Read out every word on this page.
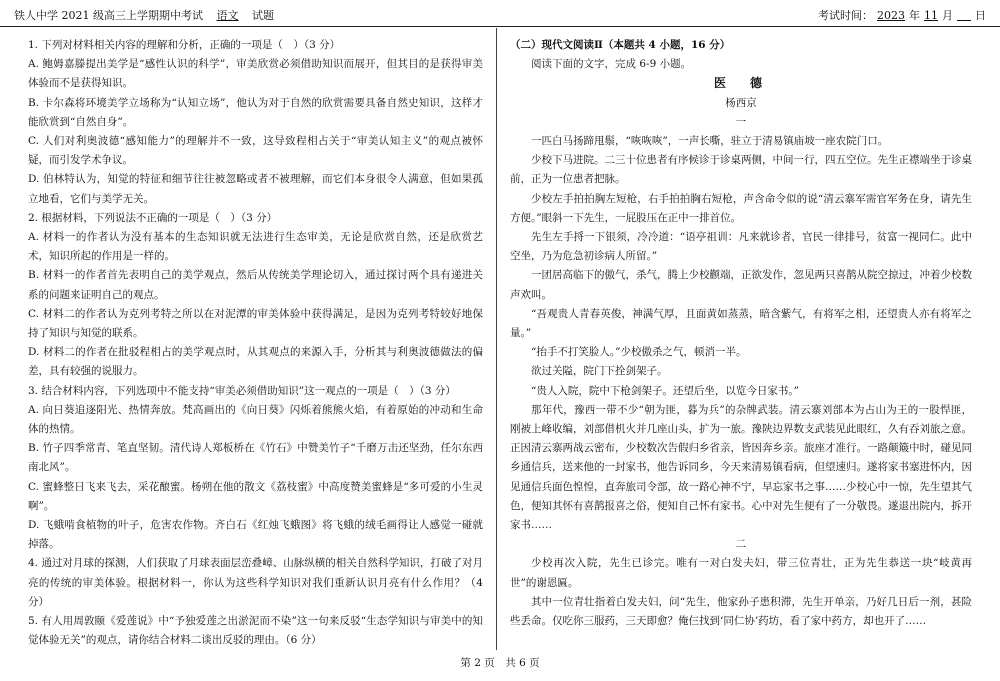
铁人中学 2021 级高三上学期期中考试 语文 试题	考试时间： 2023 年 11 月 日

1. 下列对材料相关内容的理解和分析，正确的一项是（　）（3 分）

A. 鲍姆嘉滕提出美学是“感性认识的科学”，审美欣赏必须借助知识而展开，但其目的是获得审美体验而不是获得知识。

B. 卡尔森将环境美学立场称为“认知立场”，他认为对于自然的欣赏需要具备自然史知识，这样才能欣赏到“自然自身”。

C. 人们对利奥波德“感知能力”的理解并不一致，这导致程相占关于“审美认知主义”的观点被怀疑，而引发学术争议。

D. 伯林特认为，知觉的特征和细节往往被忽略或者不被理解，而它们本身很令人满意，但如果孤立地看，它们与美学无关。

2. 根据材料，下列说法不正确的一项是（　）（3 分）

A. 材料一的作者认为没有基本的生态知识就无法进行生态审美，无论是欣赏自然，还是欣赏艺术，知识所起的作用是一样的。

B. 材料一的作者首先表明自己的美学观点，然后从传统美学理论切入，通过探讨两个具有递进关系的问题来证明自己的观点。

C. 材料二的作者认为克列考特之所以在对泥潭的审美体验中获得满足，是因为克列考特较好地保持了知识与知觉的联系。

D. 材料二的作者在批驳程相占的美学观点时，从其观点的来源入手，分析其与利奥波德做法的偏差，具有较强的说服力。

3. 结合材料内容，下列选项中不能支持“审美必须借助知识”这一观点的一项是（　）（3 分）

A. 向日葵追逐阳光、热情奔放。梵高画出的《向日葵》闪烁着熊熊火焰，有着原始的冲动和生命体的热情。

B. 竹子四季常青、笔直坚韧。清代诗人郑板桥在《竹石》中赞美竹子“千磨万击还坚劲，任尔东西南北风”。

C. 蜜蜂整日飞来飞去，采花酿蜜。杨朔在他的散文《荔枝蜜》中高度赞美蜜蜂是“多可爱的小生灵啊”。

D. 飞蛾啃食植物的叶子，危害农作物。齐白石《红烛飞蛾图》将飞蛾的绒毛画得让人感觉一碰就掉落。

4. 通过对月球的探测，人们获取了月球表面层峦叠嶂、山脉纵横的相关自然科学知识，打破了对月亮的传统的审美体验。根据材料一，你认为这些科学知识对我们重新认识月亮有什么作用？（4 分）

5. 有人用周敦颐《爱莲说》中“予独爱莲之出淤泥而不染”这一句来反驳“生态学知识与审美中的知觉体验无关”的观点，请你结合材料二谈出反驳的理由。（6 分）

（二）现代文阅读Ⅱ（本题共 4 小题，16 分）

阅读下面的文字，完成 6-9 小题。

医　德

杨西京

一

一匹白马扬蹄甩鬃，“咴咴咴”，一声长嘶，驻立于清易镇庙坡一座农院门口。

少校下马进院。二三十位患者有序候诊于诊桌两侧，中间一行，四五空位。先生正襟端坐于诊桌前，正为一位患者把脉。

少校左手拍拍胸左短枪，右手拍拍胸右短枪，声含命令似的说“清云寨军需官军务在身，请先生方便。”眼斜一下先生，一屁股压在正中一排首位。

先生左手捋一下银须，冷冷道：“语亭祖训：凡来就诊者，官民一律排号，贫富一视同仁。此中空坐，乃为危急初诊病人所留。”

一团居高临下的傲气，杀气，腾上少校颧端，正欲发作，忽见两只喜鹊从院空掠过，冲着少校数声欢叫。

“吾观贵人青春英俊，神满气厚，且面黄如蒸蒸，暗含紫气，有将军之相，还望贵人亦有将军之量。”

“抬手不打笑脸人。”少校傲杀之气，顿消一半。

欲过关隘，院门下拴剑架子。

“贵人入院，院中下枪剑架子。还望后坐，以览今日家书。”

那年代，豫西一带不少“朝为匪，暮为兵”的杂牌武装。清云寨刘部本为占山为王的一股悍匪，刚被上峰收编，刘部借机火并几座山头，扩为一旅。豫陕边界数支武装见此眼红，久有吞刘旅之意。正因清云寨两战云密布，少校数次告假归乡省亲，皆因奔乡亲。旅座才准行。一路颠簸中时，碰见同乡通信兵，送来他的一封家书，他告诉同乡，今天来清易镇看病，但望速归。遂将家书塞进怀内，因见通信兵面色惶惶，直奔旅司令部，故一路心神不宁，早忘家书之事……少校心中一惊，先生望其气色，便知其怀有喜鹊报喜之俗，便知自己怀有家书。心中对先生便有了一分敬畏。遂退出院内，拆开家书……

二

少校再次入院，先生已诊完。唯有一对白发夫妇，带三位青壮，正为先生恭送一块“岐黄再世”的谢恩匾。

其中一位青壮指着白发夫妇，问“先生，他家孙子患积滞，先生开单亲，乃好几日后一剂，甚险些丢命。仅吃你三服药，三天即愈？俺仨找到‘同仁协’药坊，看了家中药方，却也开了……

第 2 页　共 6 页
